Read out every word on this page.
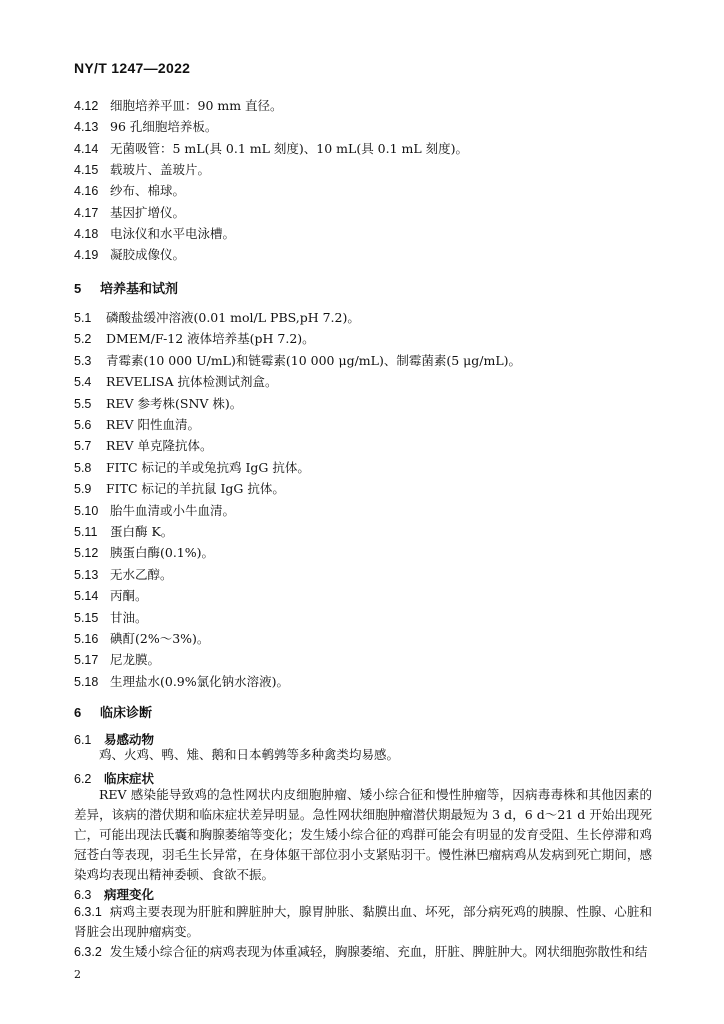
NY/T 1247—2022
4.12 细胞培养平皿：90 mm 直径。
4.13 96 孔细胞培养板。
4.14 无菌吸管：5 mL(具 0.1 mL 刻度)、10 mL(具 0.1 mL 刻度)。
4.15 载玻片、盖玻片。
4.16 纱布、棉球。
4.17 基因扩增仪。
4.18 电泳仪和水平电泳槽。
4.19 凝胶成像仪。
5 培养基和试剂
5.1 磷酸盐缓冲溶液(0.01 mol/L PBS,pH 7.2)。
5.2 DMEM/F-12 液体培养基(pH 7.2)。
5.3 青霉素(10 000 U/mL)和链霉素(10 000 μg/mL)、制霉菌素(5 μg/mL)。
5.4 REVELISA 抗体检测试剂盒。
5.5 REV 参考株(SNV 株)。
5.6 REV 阳性血清。
5.7 REV 单克隆抗体。
5.8 FITC 标记的羊或兔抗鸡 IgG 抗体。
5.9 FITC 标记的羊抗鼠 IgG 抗体。
5.10 胎牛血清或小牛血清。
5.11 蛋白酶 K。
5.12 胰蛋白酶(0.1%)。
5.13 无水乙醇。
5.14 丙酮。
5.15 甘油。
5.16 碘酊(2%～3%)。
5.17 尼龙膜。
5.18 生理盐水(0.9%氯化钠水溶液)。
6 临床诊断
6.1 易感动物
鸡、火鸡、鸭、雉、鹅和日本鹌鹑等多种禽类均易感。
6.2 临床症状
REV 感染能导致鸡的急性网状内皮细胞肿瘤、矮小综合征和慢性肿瘤等，因病毒毒株和其他因素的差异，该病的潜伏期和临床症状差异明显。急性网状细胞肿瘤潜伏期最短为 3 d，6 d～21 d 开始出现死亡，可能出现法氏囊和胸腺萎缩等变化；发生矮小综合征的鸡群可能会有明显的发育受阻、生长停滞和鸡冠苍白等表现，羽毛生长异常，在身体躯干部位羽小支紧贴羽干。慢性淋巴瘤病鸡从发病到死亡期间，感染鸡均表现出精神委顿、食欲不振。
6.3 病理变化
6.3.1 病鸡主要表现为肝脏和脾脏肿大，腺胃肿胀、黏膜出血、坏死，部分病死鸡的胰腺、性腺、心脏和肾脏会出现肿瘤病变。
6.3.2 发生矮小综合征的病鸡表现为体重减轻，胸腺萎缩、充血，肝脏、脾脏肿大。网状细胞弥散性和结
2
